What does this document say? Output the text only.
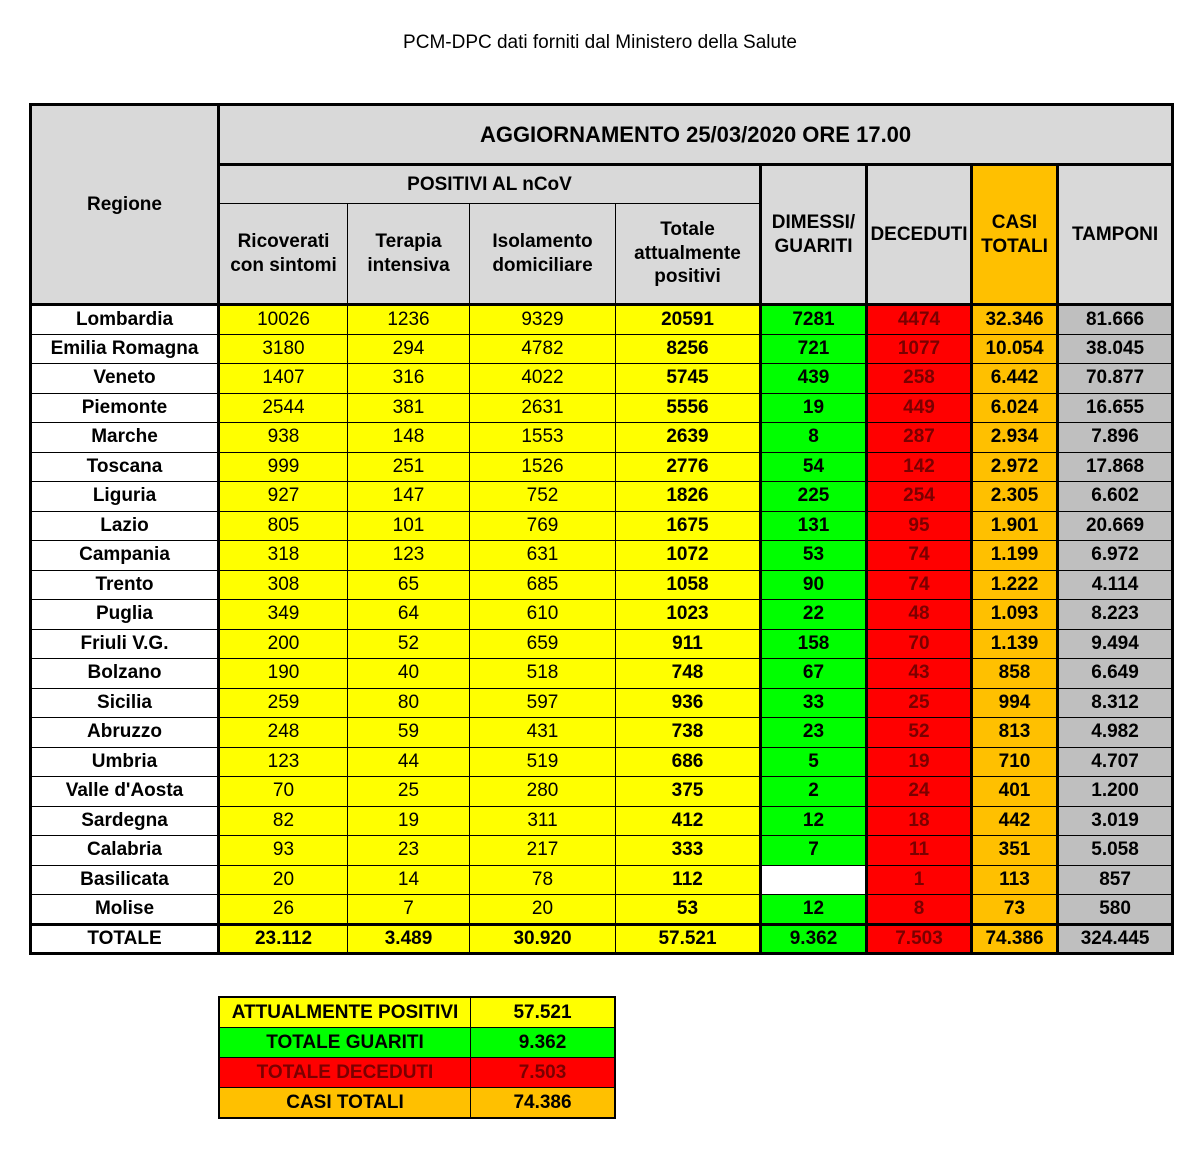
PCM-DPC dati forniti dal Ministero della Salute
Regione	AGGIORNAMENTO 25/03/2020 ORE 17.00							
	POSITIVI AL nCoV				DIMESSI/ GUARITI	DECEDUTI	CASI TOTALI	TAMPONI
	Ricoverati con sintomi	Terapia intensiva	Isolamento domiciliare	Totale attualmente positivi				
Lombardia	10026	1236	9329	20591	7281	4474	32.346	81.666
Emilia Romagna	3180	294	4782	8256	721	1077	10.054	38.045
Veneto	1407	316	4022	5745	439	258	6.442	70.877
Piemonte	2544	381	2631	5556	19	449	6.024	16.655
Marche	938	148	1553	2639	8	287	2.934	7.896
Toscana	999	251	1526	2776	54	142	2.972	17.868
Liguria	927	147	752	1826	225	254	2.305	6.602
Lazio	805	101	769	1675	131	95	1.901	20.669
Campania	318	123	631	1072	53	74	1.199	6.972
Trento	308	65	685	1058	90	74	1.222	4.114
Puglia	349	64	610	1023	22	48	1.093	8.223
Friuli V.G.	200	52	659	911	158	70	1.139	9.494
Bolzano	190	40	518	748	67	43	858	6.649
Sicilia	259	80	597	936	33	25	994	8.312
Abruzzo	248	59	431	738	23	52	813	4.982
Umbria	123	44	519	686	5	19	710	4.707
Valle d'Aosta	70	25	280	375	2	24	401	1.200
Sardegna	82	19	311	412	12	18	442	3.019
Calabria	93	23	217	333	7	11	351	5.058
Basilicata	20	14	78	112		1	113	857
Molise	26	7	20	53	12	8	73	580
TOTALE	23.112	3.489	30.920	57.521	9.362	7.503	74.386	324.445
ATTUALMENTE POSITIVI	57.521
TOTALE GUARITI	9.362
TOTALE DECEDUTI	7.503
CASI TOTALI	74.386
